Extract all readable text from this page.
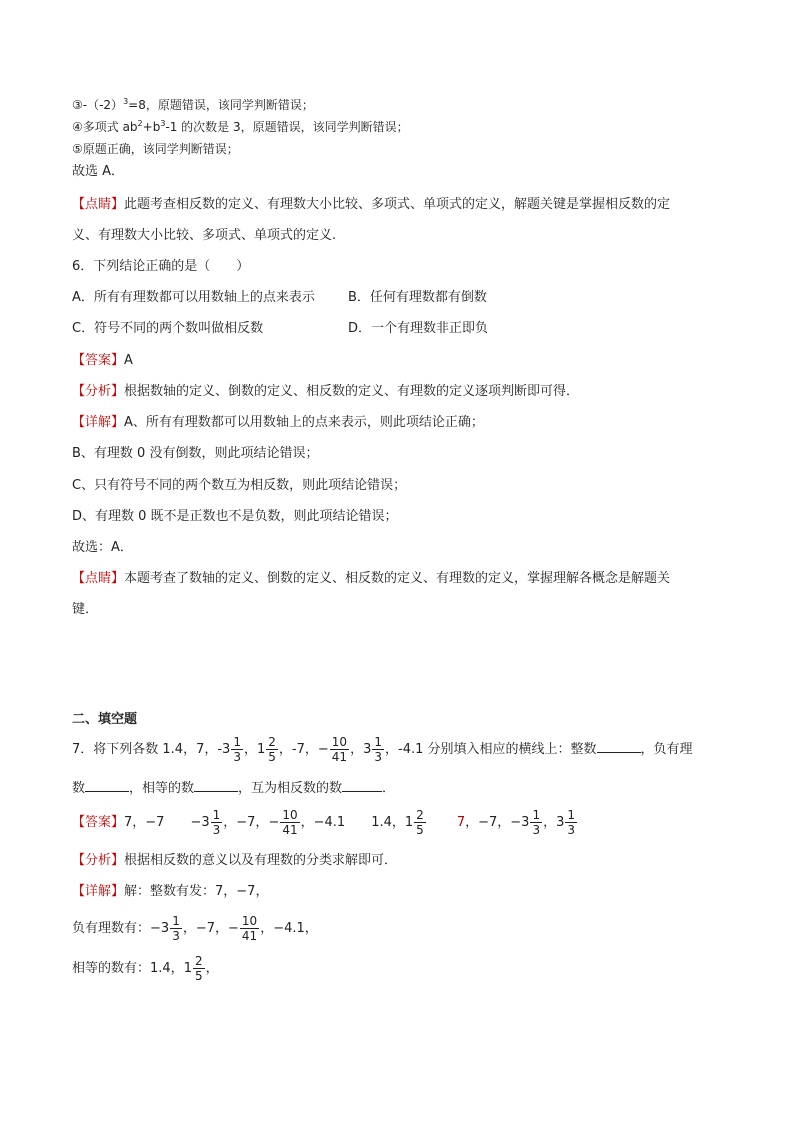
$③-(-2)^3=8$，原题错误，该同学判断错误；
④多项式 $ab^2+b^3-1$ 的次数是 3，原题错误，该同学判断错误；
⑤原题正确，该同学判断错误；
故选 A．
【点睛】此题考查相反数的定义、有理数大小比较、多项式、单项式的定义，解题关键是掌握相反数的定
义、有理数大小比较、多项式、单项式的定义.
6．下列结论正确的是（　　）
A．所有有理数都可以用数轴上的点来表示	B．任何有理数都有倒数
C．符号不同的两个数叫做相反数	D．一个有理数非正即负
【答案】A
【分析】根据数轴的定义、倒数的定义、相反数的定义、有理数的定义逐项判断即可得．
【详解】A、所有有理数都可以用数轴上的点来表示，则此项结论正确；
B、有理数 0 没有倒数，则此项结论错误；
C、只有符号不同的两个数互为相反数，则此项结论错误；
D、有理数 0 既不是正数也不是负数，则此项结论错误；
故选：A．
【点睛】本题考查了数轴的定义、倒数的定义、相反数的定义、有理数的定义，掌握理解各概念是解题关
键．
二、填空题
7．将下列各数 1.4，7，$-3 \frac{1}{3}$ ，$1 \frac{2}{5}$ ，-7，− $\frac{10}{41}$ ，$3 \frac{1}{3}$ ，-4.1 分别填入相应的横线上：整数	，负有理
数	，相等的数	，互为相反数的数	．
【答案】7，$-7 -3 \frac{1}{3}$ ，−7，− $\frac{10}{41}$ ，−4.1 1.4，$1 \frac{2}{5} 7$，−7，$-3 \frac{1}{3}$ ，$3 \frac{1}{3}$
【分析】根据相反数的意义以及有理数的分类求解即可．
【详解】解：整数有发：7，−7，
负有理数有：$-3 \frac{1}{3}$ ，−7，− $\frac{10}{41}$ ，−4.1，
相等的数有：1.4，$1 \frac{2}{5}$ ，
